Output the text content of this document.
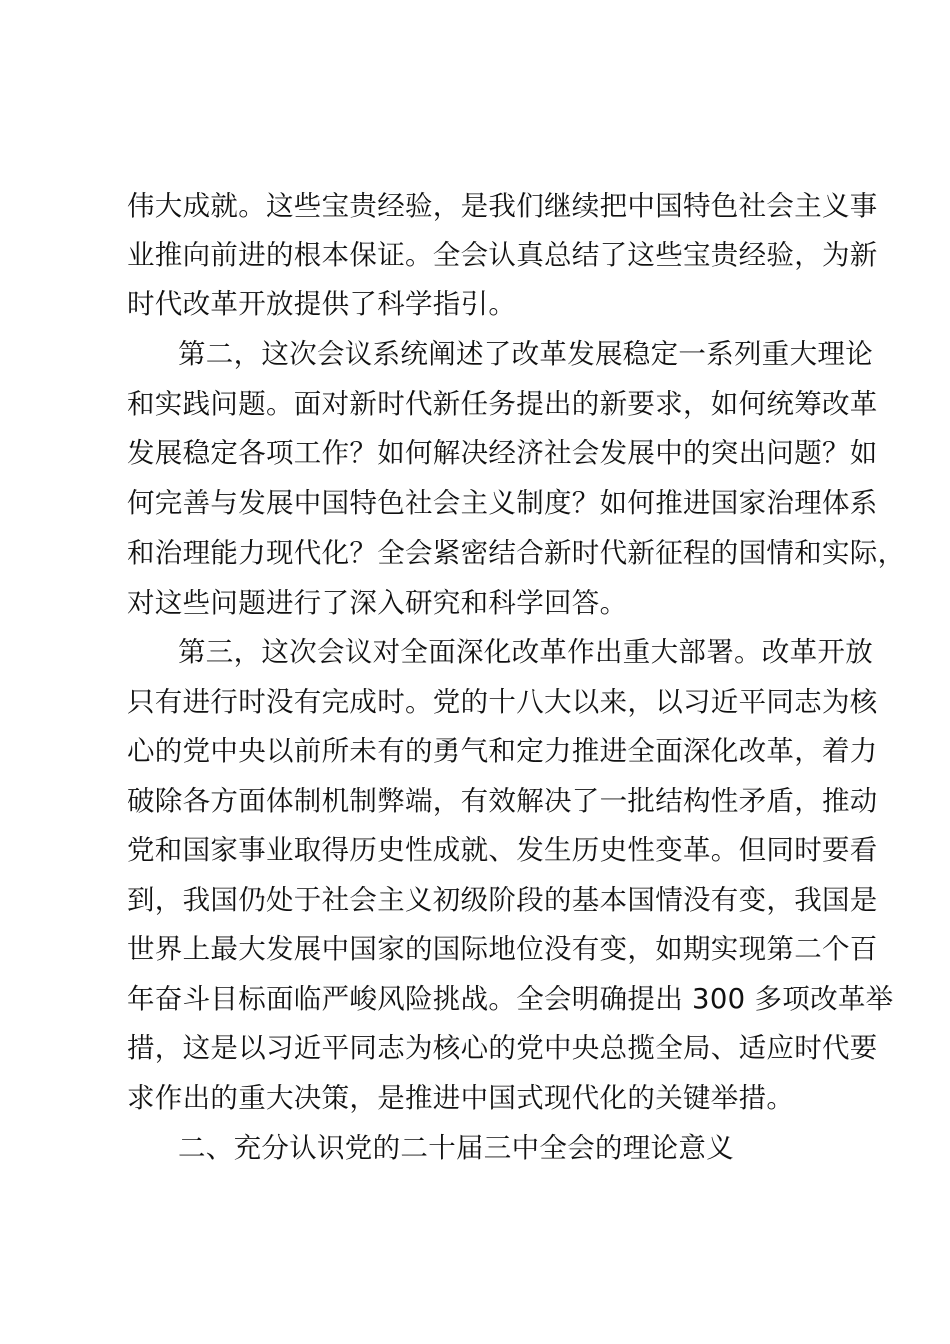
伟大成就。这些宝贵经验，是我们继续把中国特色社会主义事
业推向前进的根本保证。全会认真总结了这些宝贵经验，为新
时代改革开放提供了科学指引。
第二，这次会议系统阐述了改革发展稳定一系列重大理论
和实践问题。面对新时代新任务提出的新要求，如何统筹改革
发展稳定各项工作？如何解决经济社会发展中的突出问题？如
何完善与发展中国特色社会主义制度？如何推进国家治理体系
和治理能力现代化？全会紧密结合新时代新征程的国情和实际，
对这些问题进行了深入研究和科学回答。
第三，这次会议对全面深化改革作出重大部署。改革开放
只有进行时没有完成时。党的十八大以来，以习近平同志为核
心的党中央以前所未有的勇气和定力推进全面深化改革，着力
破除各方面体制机制弊端，有效解决了一批结构性矛盾，推动
党和国家事业取得历史性成就、发生历史性变革。但同时要看
到，我国仍处于社会主义初级阶段的基本国情没有变，我国是
世界上最大发展中国家的国际地位没有变，如期实现第二个百
年奋斗目标面临严峻风险挑战。全会明确提出 300 多项改革举
措，这是以习近平同志为核心的党中央总揽全局、适应时代要
求作出的重大决策，是推进中国式现代化的关键举措。
二、充分认识党的二十届三中全会的理论意义
